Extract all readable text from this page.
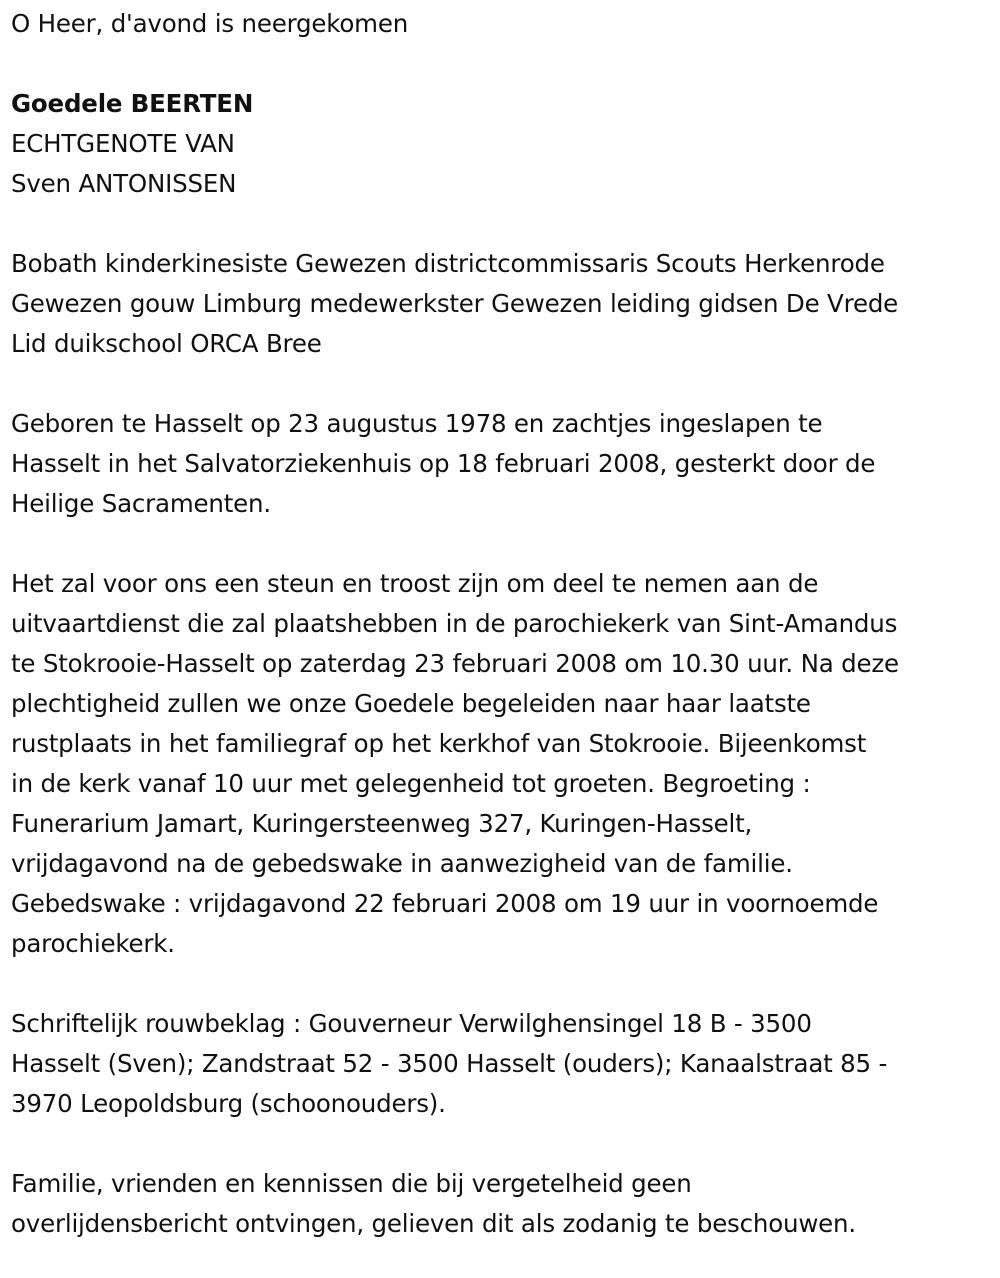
O Heer, d'avond is neergekomen
Goedele BEERTEN
ECHTGENOTE VAN
Sven ANTONISSEN
Bobath kinderkinesiste Gewezen districtcommissaris Scouts Herkenrode
Gewezen gouw Limburg medewerkster Gewezen leiding gidsen De Vrede
Lid duikschool ORCA Bree
Geboren te Hasselt op 23 augustus 1978 en zachtjes ingeslapen te
Hasselt in het Salvatorziekenhuis op 18 februari 2008, gesterkt door de
Heilige Sacramenten.
Het zal voor ons een steun en troost zijn om deel te nemen aan de
uitvaartdienst die zal plaatshebben in de parochiekerk van Sint-Amandus
te Stokrooie-Hasselt op zaterdag 23 februari 2008 om 10.30 uur. Na deze
plechtigheid zullen we onze Goedele begeleiden naar haar laatste
rustplaats in het familiegraf op het kerkhof van Stokrooie. Bijeenkomst
in de kerk vanaf 10 uur met gelegenheid tot groeten. Begroeting :
Funerarium Jamart, Kuringersteenweg 327, Kuringen-Hasselt,
vrijdagavond na de gebedswake in aanwezigheid van de familie.
Gebedswake : vrijdagavond 22 februari 2008 om 19 uur in voornoemde
parochiekerk.
Schriftelijk rouwbeklag : Gouverneur Verwilghensingel 18 B - 3500
Hasselt (Sven); Zandstraat 52 - 3500 Hasselt (ouders); Kanaalstraat 85 -
3970 Leopoldsburg (schoonouders).
Familie, vrienden en kennissen die bij vergetelheid geen
overlijdensbericht ontvingen, gelieven dit als zodanig te beschouwen.
